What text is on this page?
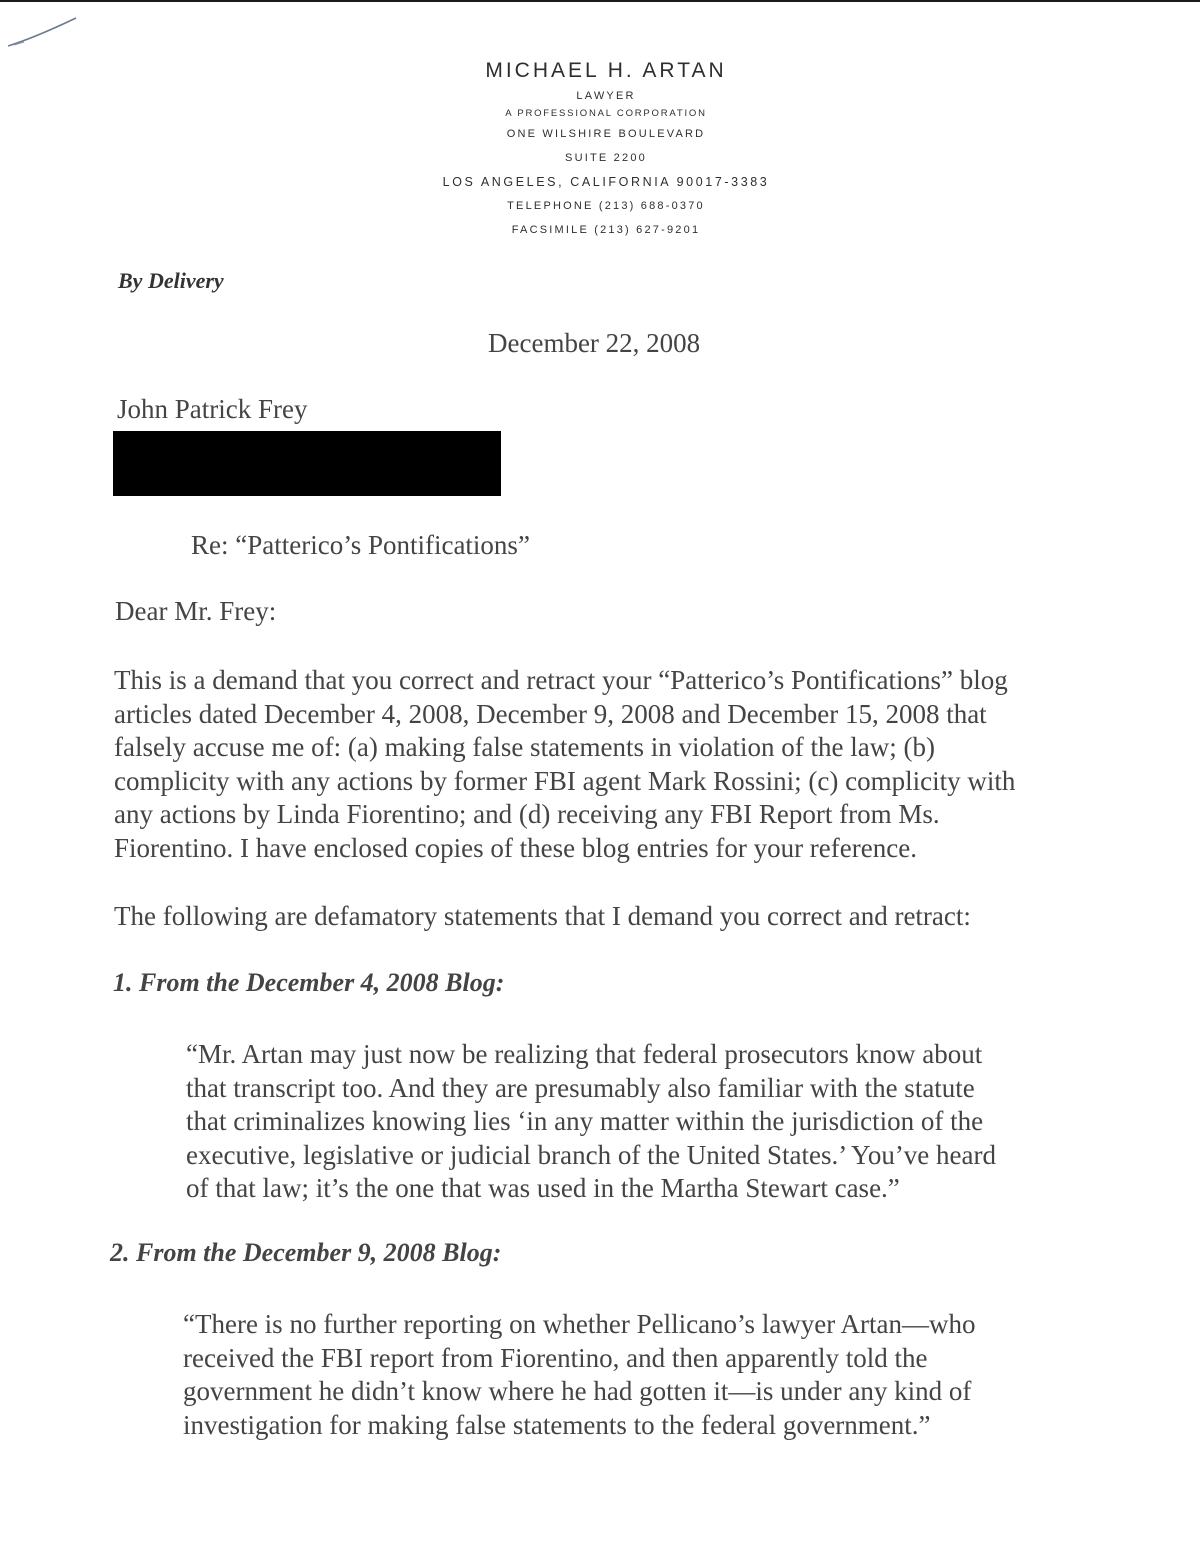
MICHAEL H. ARTAN
LAWYER
A PROFESSIONAL CORPORATION
ONE WILSHIRE BOULEVARD
SUITE 2200
LOS ANGELES, CALIFORNIA 90017-3383
TELEPHONE (213) 688-0370
FACSIMILE (213) 627-9201
By Delivery
December 22, 2008
John Patrick Frey
Re: “Patterico’s Pontifications”
Dear Mr. Frey:
This is a demand that you correct and retract your “Patterico’s Pontifications” blog
articles dated December 4, 2008, December 9, 2008 and December 15, 2008 that
falsely accuse me of: (a) making false statements in violation of the law; (b)
complicity with any actions by former FBI agent Mark Rossini; (c) complicity with
any actions by Linda Fiorentino; and (d) receiving any FBI Report from Ms.
Fiorentino. I have enclosed copies of these blog entries for your reference.
The following are defamatory statements that I demand you correct and retract:
1. From the December 4, 2008 Blog:
“Mr. Artan may just now be realizing that federal prosecutors know about
that transcript too. And they are presumably also familiar with the statute
that criminalizes knowing lies ‘in any matter within the jurisdiction of the
executive, legislative or judicial branch of the United States.’ You’ve heard
of that law; it’s the one that was used in the Martha Stewart case.”
2. From the December 9, 2008 Blog:
“There is no further reporting on whether Pellicano’s lawyer Artan—who
received the FBI report from Fiorentino, and then apparently told the
government he didn’t know where he had gotten it—is under any kind of
investigation for making false statements to the federal government.”
